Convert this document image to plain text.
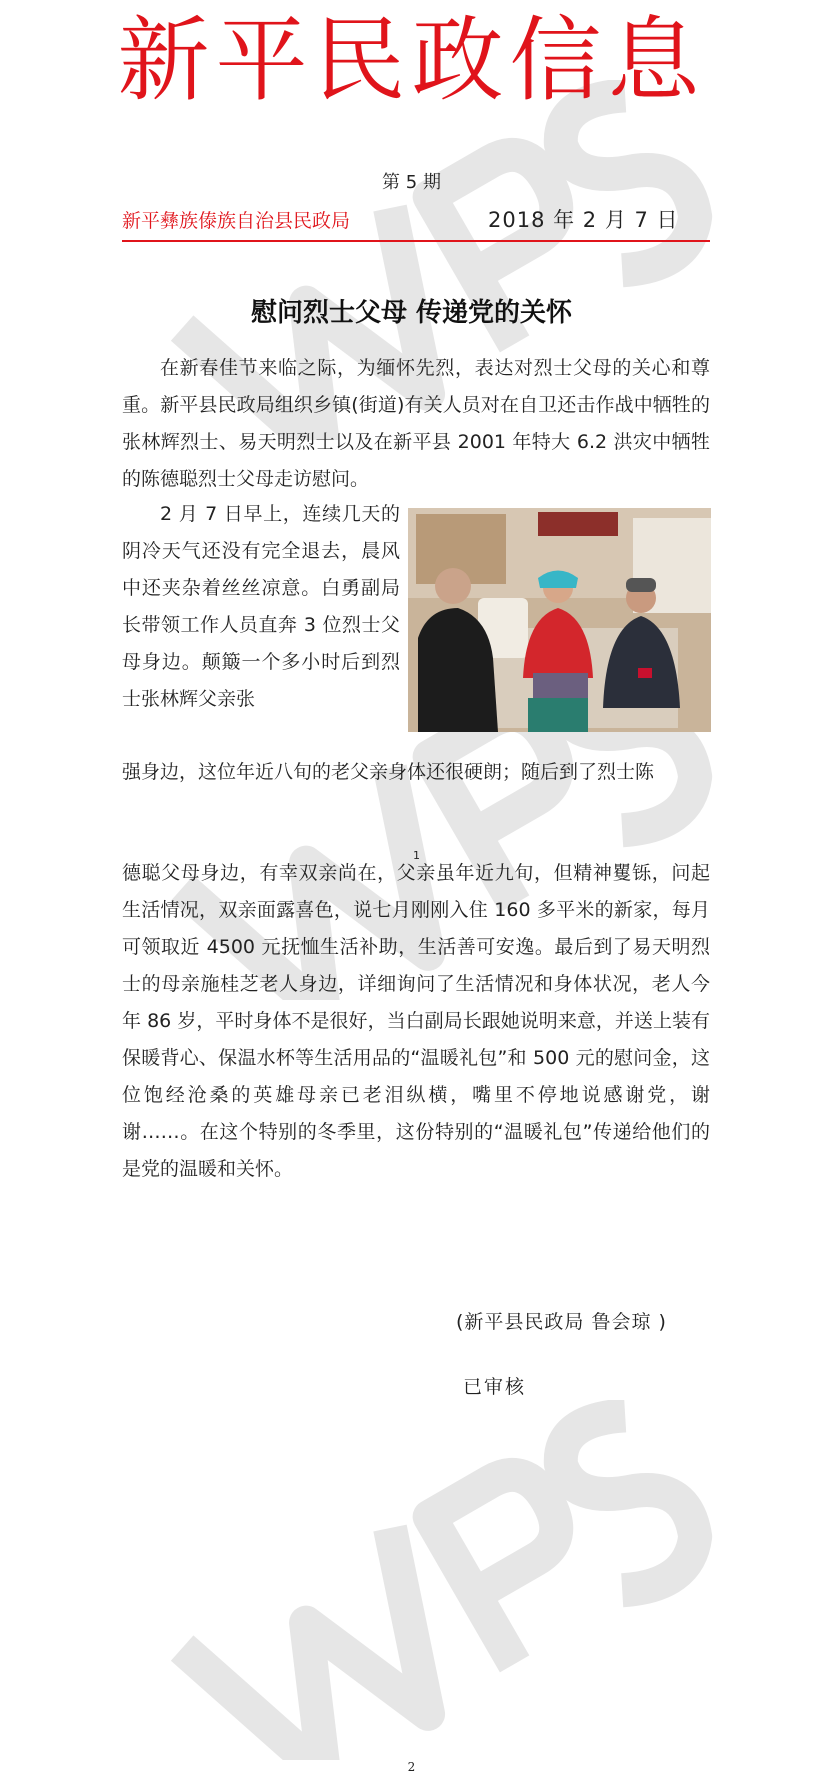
新平民政信息
第 5 期
新平彝族傣族自治县民政局	2018 年 2 月 7 日
慰问烈士父母 传递党的关怀

在新春佳节来临之际，为缅怀先烈，表达对烈士父母的关心和尊重。新平县民政局组织乡镇(街道)有关人员对在自卫还击作战中牺牲的张林辉烈士、易天明烈士以及在新平县 2001 年特大 6.2 洪灾中牺牲的陈德聪烈士父母走访慰问。

2 月 7 日早上，连续几天的阴冷天气还没有完全退去，晨风中还夹杂着丝丝凉意。白勇副局长带领工作人员直奔 3 位烈士父母身边。颠簸一个多小时后到烈士张林辉父亲张

强身边，这位年近八旬的老父亲身体还很硬朗；随后到了烈士陈

1

德聪父母身边，有幸双亲尚在，父亲虽年近九旬，但精神矍铄，问起生活情况，双亲面露喜色，说七月刚刚入住 160 多平米的新家，每月可领取近 4500 元抚恤生活补助，生活善可安逸。最后到了易天明烈士的母亲施桂芝老人身边，详细询问了生活情况和身体状况，老人今年 86 岁，平时身体不是很好，当白副局长跟她说明来意，并送上装有保暖背心、保温水杯等生活用品的“温暖礼包”和 500 元的慰问金，这位饱经沧桑的英雄母亲已老泪纵横，嘴里不停地说感谢党，谢谢……。在这个特别的冬季里，这份特别的“温暖礼包”传递给他们的是党的温暖和关怀。

(新平县民政局 鲁会琼 )
已审核
2
